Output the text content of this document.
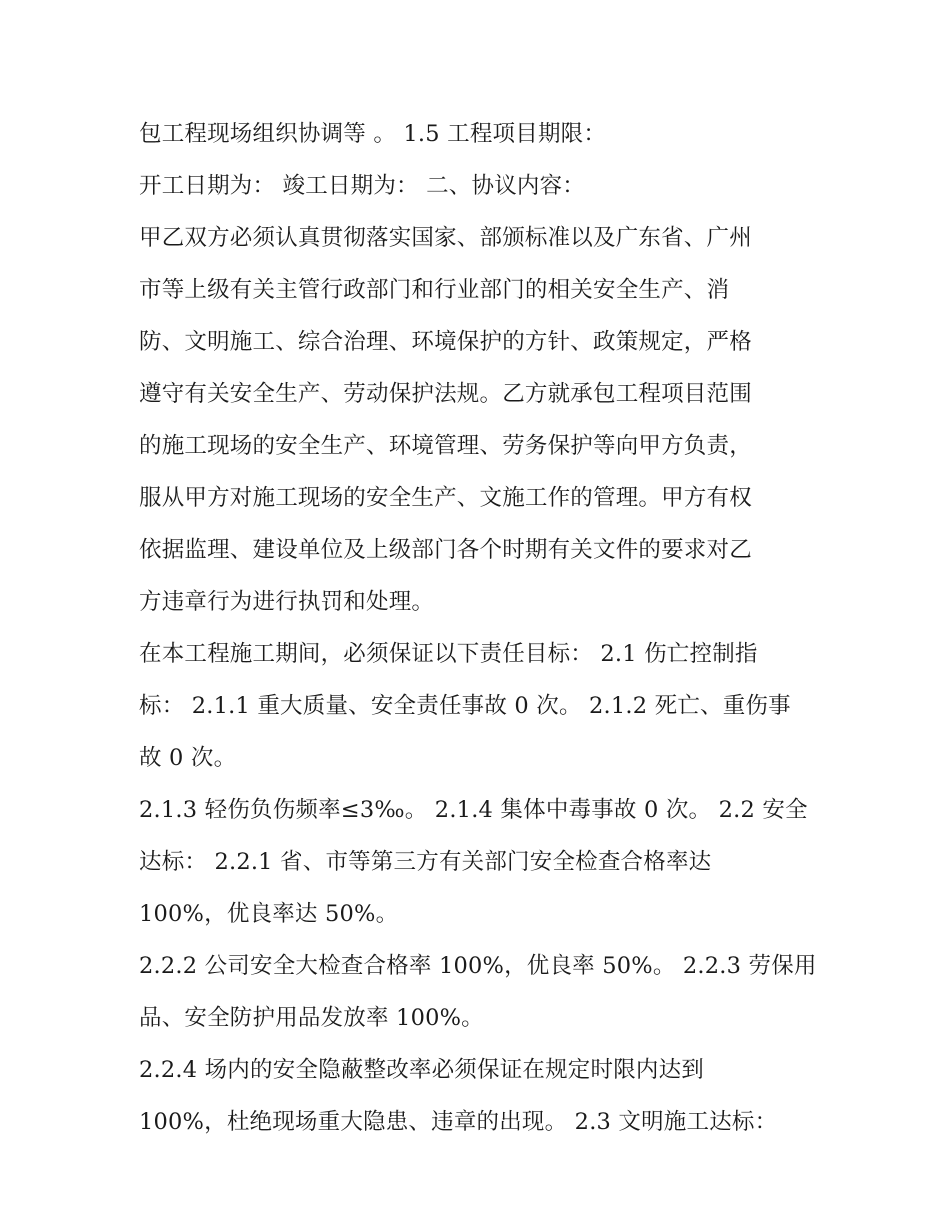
包工程现场组织协调等 。 1.5 工程项目期限：
开工日期为： 竣工日期为： 二、协议内容：
甲乙双方必须认真贯彻落实国家、部颁标准以及广东省、广州
市等上级有关主管行政部门和行业部门的相关安全生产、消
防、文明施工、综合治理、环境保护的方针、政策规定，严格
遵守有关安全生产、劳动保护法规。乙方就承包工程项目范围
的施工现场的安全生产、环境管理、劳务保护等向甲方负责，
服从甲方对施工现场的安全生产、文施工作的管理。甲方有权
依据监理、建设单位及上级部门各个时期有关文件的要求对乙
方违章行为进行执罚和处理。
在本工程施工期间，必须保证以下责任目标： 2.1 伤亡控制指
标： 2.1.1 重大质量、安全责任事故 0 次。 2.1.2 死亡、重伤事
故 0 次。
2.1.3 轻伤负伤频率≤3‰。 2.1.4 集体中毒事故 0 次。 2.2 安全
达标： 2.2.1 省、市等第三方有关部门安全检查合格率达
100%，优良率达 50%。
2.2.2 公司安全大检查合格率 100%，优良率 50%。 2.2.3 劳保用
品、安全防护用品发放率 100%。
2.2.4 场内的安全隐蔽整改率必须保证在规定时限内达到
100%，杜绝现场重大隐患、违章的出现。 2.3 文明施工达标：
